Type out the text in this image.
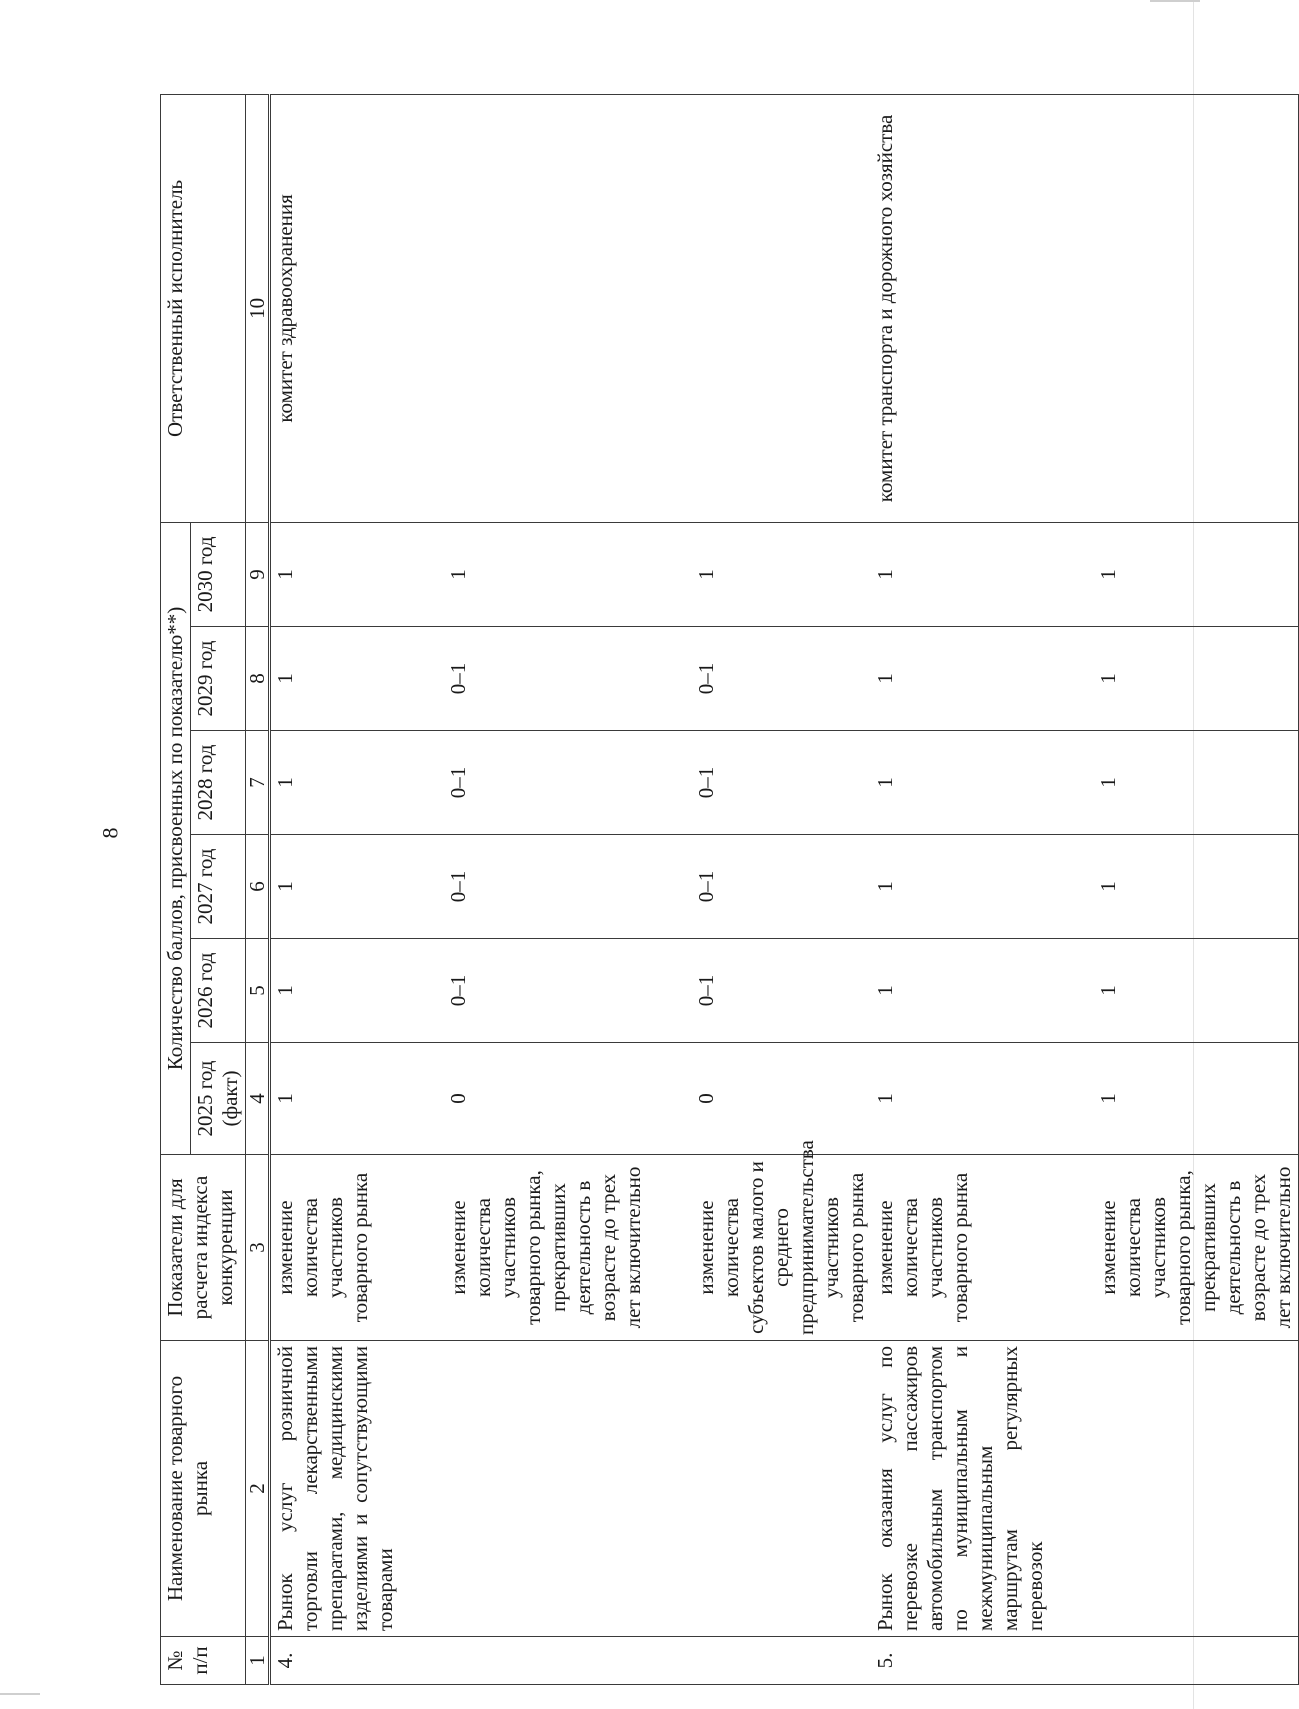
8
№ п/п	Наименование товарного рынка	Показатели для расчета индекса конкуренции	Количество баллов, присвоенных по показателю**)						Ответственный исполнитель
			2025 год (факт)	2026 год	2027 год	2028 год	2029 год	2030 год	
1	2	3	4	5	6	7	8	9	10
4.	Рынок услуг розничной торговли лекарственными препаратами, медицинскими изделиями и сопутствующими товарами	изменение количества участников товарного рынка	1	1	1	1	1	1	комитет здравоохранения

		изменение количества участников товарного рынка, прекративших деятельность в возрасте до трех лет включительно	0	0–1	0–1	0–1	0–1	1	

		изменение количества субъектов малого и среднего предпринимательства участников товарного рынка	0	0–1	0–1	0–1	0–1	1	
5.	Рынок оказания услуг по перевозке пассажиров автомобильным транспортом по муниципальным и межмуниципальным маршрутам регулярных перевозок	изменение количества участников товарного рынка	1	1	1	1	1	1	комитет транспорта и дорожного хозяйства

		изменение количества участников товарного рынка, прекративших деятельность в возрасте до трех лет включительно	1	1	1	1	1	1	
